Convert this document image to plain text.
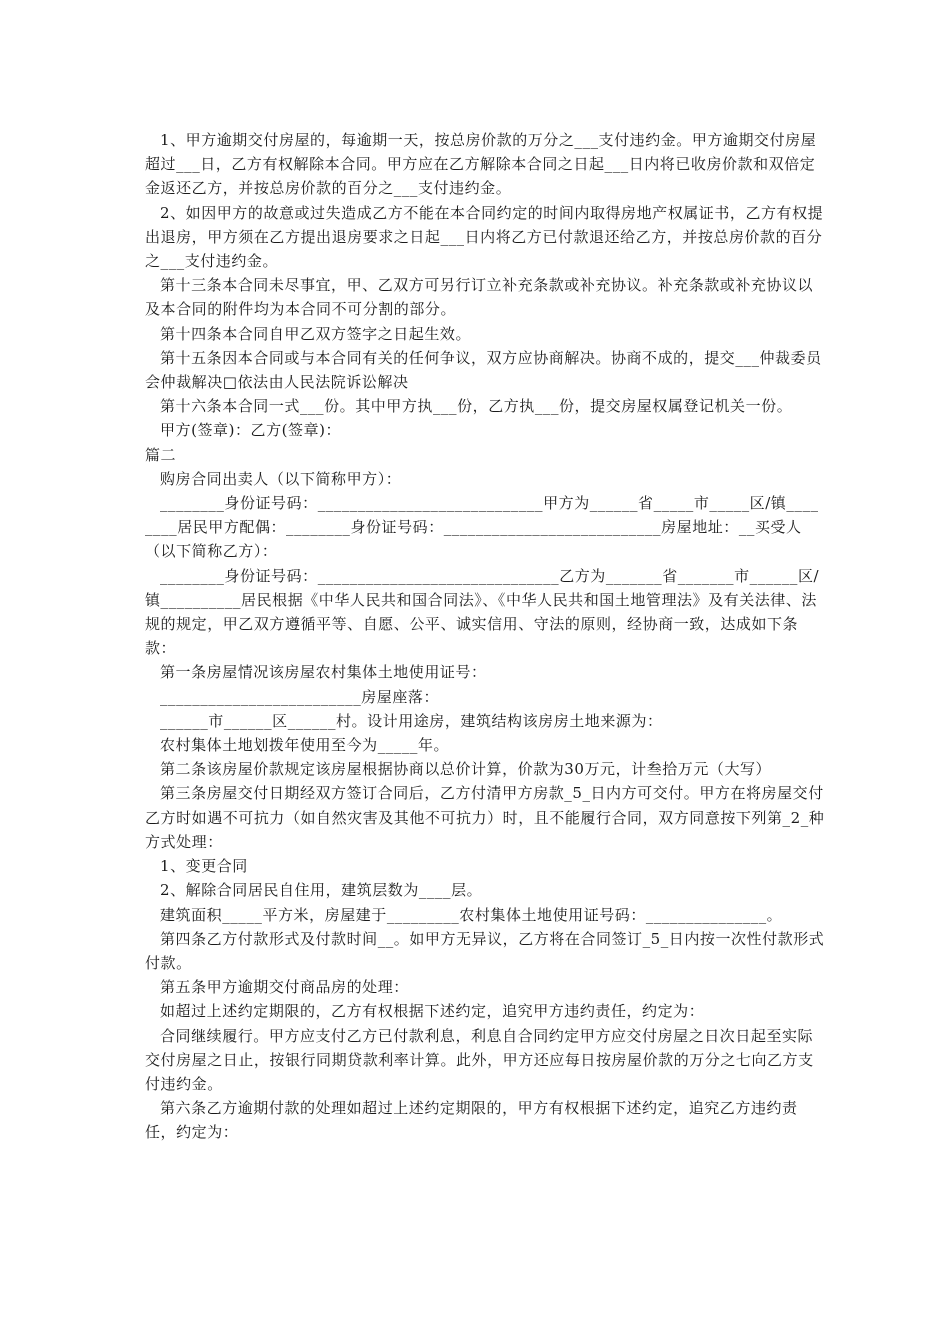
1、甲方逾期交付房屋的，每逾期一天，按总房价款的万分之___支付违约金。甲方逾期交付房屋超过___日，乙方有权解除本合同。甲方应在乙方解除本合同之日起___日内将已收房价款和双倍定金返还乙方，并按总房价款的百分之___支付违约金。

2、如因甲方的故意或过失造成乙方不能在本合同约定的时间内取得房地产权属证书，乙方有权提出退房，甲方须在乙方提出退房要求之日起___日内将乙方已付款退还给乙方，并按总房价款的百分之___支付违约金。

第十三条本合同未尽事宜，甲、乙双方可另行订立补充条款或补充协议。补充条款或补充协议以及本合同的附件均为本合同不可分割的部分。

第十四条本合同自甲乙双方签字之日起生效。

第十五条因本合同或与本合同有关的任何争议，双方应协商解决。协商不成的，提交___仲裁委员会仲裁解决□依法由人民法院诉讼解决

第十六条本合同一式___份。其中甲方执___份，乙方执___份，提交房屋权属登记机关一份。

甲方(签章)：乙方(签章)：

篇二

购房合同出卖人（以下简称甲方）：

________身份证号码：____________________________甲方为______省_____市_____区/镇________居民甲方配偶：________身份证号码：___________________________房屋地址：__买受人（以下简称乙方）：

________身份证号码：______________________________乙方为_______省_______市______区/镇__________居民根据《中华人民共和国合同法》、《中华人民共和国土地管理法》及有关法律、法规的规定，甲乙双方遵循平等、自愿、公平、诚实信用、守法的原则，经协商一致，达成如下条款：

第一条房屋情况该房屋农村集体土地使用证号：

_________________________房屋座落：

______市______区______村。设计用途房，建筑结构该房房土地来源为：

农村集体土地划拨年使用至今为_____年。

第二条该房屋价款规定该房屋根据协商以总价计算，价款为30万元，计叁拾万元（大写）

第三条房屋交付日期经双方签订合同后，乙方付清甲方房款_5_日内方可交付。甲方在将房屋交付乙方时如遇不可抗力（如自然灾害及其他不可抗力）时，且不能履行合同，双方同意按下列第_2_种方式处理：

1、变更合同

2、解除合同居民自住用，建筑层数为____层。

建筑面积_____平方米，房屋建于_________农村集体土地使用证号码：_______________。

第四条乙方付款形式及付款时间__。如甲方无异议，乙方将在合同签订_5_日内按一次性付款形式付款。

第五条甲方逾期交付商品房的处理：

如超过上述约定期限的，乙方有权根据下述约定，追究甲方违约责任，约定为：

合同继续履行。甲方应支付乙方已付款利息，利息自合同约定甲方应交付房屋之日次日起至实际交付房屋之日止，按银行同期贷款利率计算。此外，甲方还应每日按房屋价款的万分之七向乙方支付违约金。

第六条乙方逾期付款的处理如超过上述约定期限的，甲方有权根据下述约定，追究乙方违约责任，约定为：
